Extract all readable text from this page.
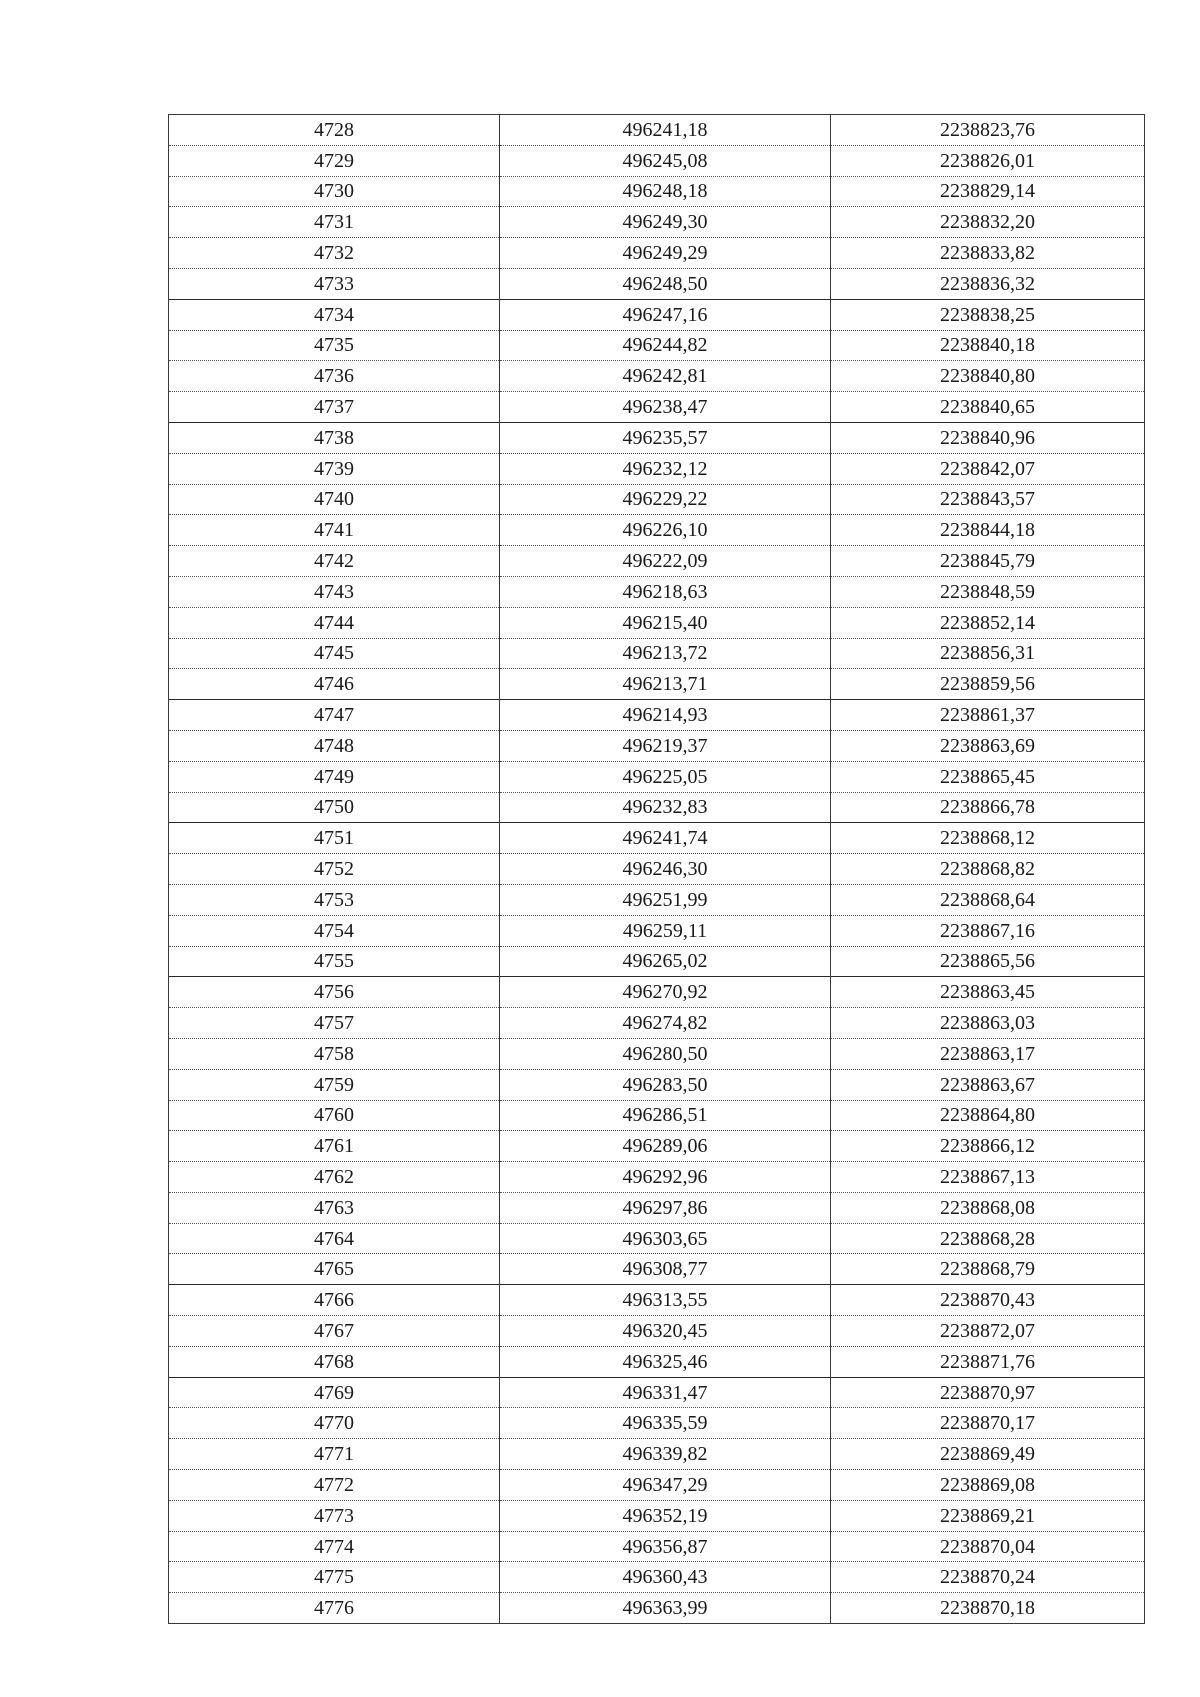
4728	496241,18	2238823,76
4729	496245,08	2238826,01
4730	496248,18	2238829,14
4731	496249,30	2238832,20
4732	496249,29	2238833,82
4733	496248,50	2238836,32
4734	496247,16	2238838,25
4735	496244,82	2238840,18
4736	496242,81	2238840,80
4737	496238,47	2238840,65
4738	496235,57	2238840,96
4739	496232,12	2238842,07
4740	496229,22	2238843,57
4741	496226,10	2238844,18
4742	496222,09	2238845,79
4743	496218,63	2238848,59
4744	496215,40	2238852,14
4745	496213,72	2238856,31
4746	496213,71	2238859,56
4747	496214,93	2238861,37
4748	496219,37	2238863,69
4749	496225,05	2238865,45
4750	496232,83	2238866,78
4751	496241,74	2238868,12
4752	496246,30	2238868,82
4753	496251,99	2238868,64
4754	496259,11	2238867,16
4755	496265,02	2238865,56
4756	496270,92	2238863,45
4757	496274,82	2238863,03
4758	496280,50	2238863,17
4759	496283,50	2238863,67
4760	496286,51	2238864,80
4761	496289,06	2238866,12
4762	496292,96	2238867,13
4763	496297,86	2238868,08
4764	496303,65	2238868,28
4765	496308,77	2238868,79
4766	496313,55	2238870,43
4767	496320,45	2238872,07
4768	496325,46	2238871,76
4769	496331,47	2238870,97
4770	496335,59	2238870,17
4771	496339,82	2238869,49
4772	496347,29	2238869,08
4773	496352,19	2238869,21
4774	496356,87	2238870,04
4775	496360,43	2238870,24
4776	496363,99	2238870,18
